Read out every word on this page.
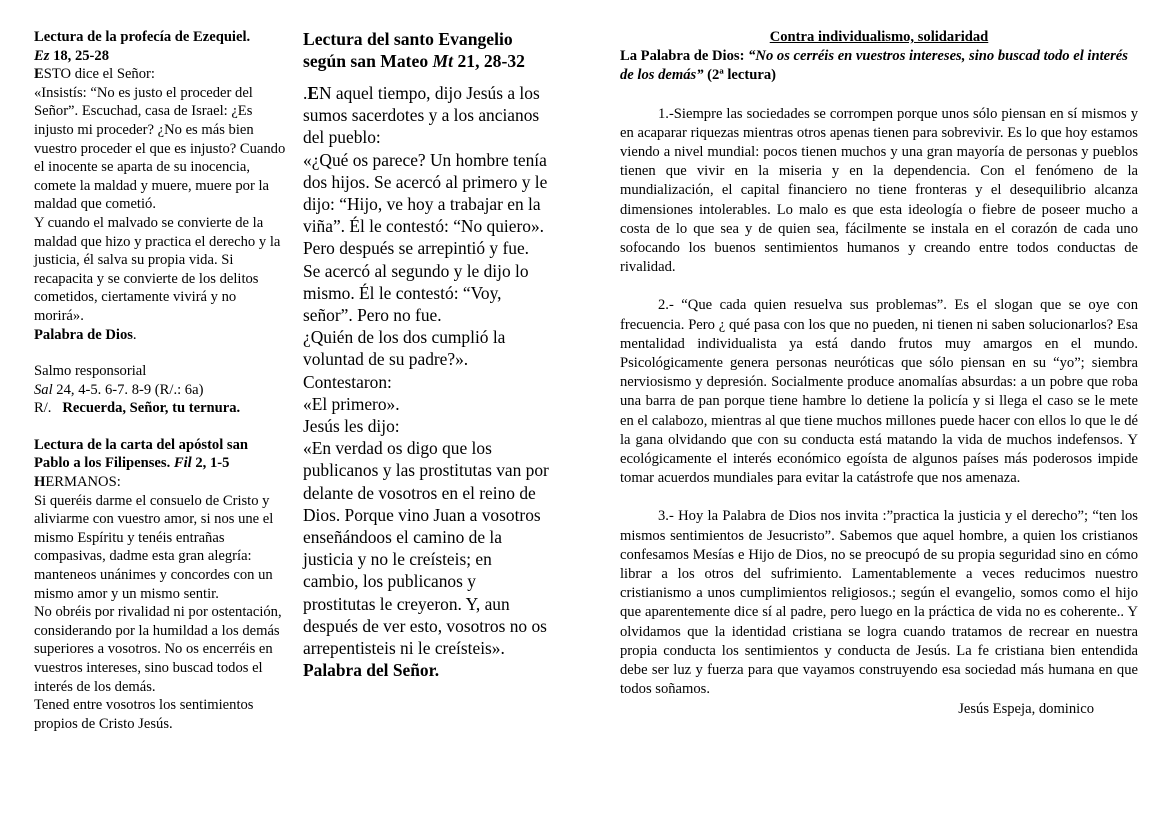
Lectura de la profecía de Ezequiel.
Ez 18, 25-28

ESTO dice el Señor:

«Insistís: “No es justo el proceder del Señor”. Escuchad, casa de Israel: ¿Es injusto mi proceder? ¿No es más bien vuestro proceder el que es injusto? Cuando el inocente se aparta de su inocencia, comete la maldad y muere, muere por la maldad que cometió.

Y cuando el malvado se convierte de la maldad que hizo y practica el derecho y la justicia, él salva su propia vida. Si recapacita y se convierte de los delitos cometidos, ciertamente vivirá y no morirá».

Palabra de Dios.

Salmo responsorial

Sal 24, 4-5. 6-7. 8-9 (R/.: 6a)

R/. Recuerda, Señor, tu ternura.

Lectura de la carta del apóstol san Pablo a los Filipenses. Fil 2, 1-5

HERMANOS:

Si queréis darme el consuelo de Cristo y aliviarme con vuestro amor, si nos une el mismo Espíritu y tenéis entrañas compasivas, dadme esta gran alegría: manteneos unánimes y concordes con un mismo amor y un mismo sentir.

No obréis por rivalidad ni por ostentación, considerando por la humildad a los demás superiores a vosotros. No os encerréis en vuestros intereses, sino buscad todos el interés de los demás.

Tened entre vosotros los sentimientos propios de Cristo Jesús.

Lectura del santo Evangelio según san Mateo Mt 21, 28-32

.EN aquel tiempo, dijo Jesús a los sumos sacerdotes y a los ancianos del pueblo:

«¿Qué os parece? Un hombre tenía dos hijos. Se acercó al primero y le dijo: “Hijo, ve hoy a trabajar en la viña”. Él le contestó: “No quiero». Pero después se arrepintió y fue.

Se acercó al segundo y le dijo lo mismo. Él le contestó: “Voy, señor”. Pero no fue.

¿Quién de los dos cumplió la voluntad de su padre?».

Contestaron:

«El primero».

Jesús les dijo:

«En verdad os digo que los publicanos y las prostitutas van por delante de vosotros en el reino de Dios. Porque vino Juan a vosotros enseñándoos el camino de la justicia y no le creísteis; en cambio, los publicanos y prostitutas le creyeron. Y, aun después de ver esto, vosotros no os arrepentisteis ni le creísteis».

Palabra del Señor.

Contra individualismo, solidaridad

La Palabra de Dios: “No os cerréis en vuestros intereses, sino buscad todo el interés de los demás” (2ª lectura)

1.-Siempre las sociedades se corrompen porque unos sólo piensan en sí mismos y en acaparar riquezas mientras otros apenas tienen para sobrevivir. Es lo que hoy estamos viendo a nivel mundial: pocos tienen muchos y una gran mayoría de personas y pueblos tienen que vivir en la miseria y en la dependencia. Con el fenómeno de la mundialización, el capital financiero no tiene fronteras y el desequilibrio alcanza dimensiones intolerables. Lo malo es que esta ideología o fiebre de poseer mucho a costa de lo que sea y de quien sea, fácilmente se instala en el corazón de cada uno sofocando los buenos sentimientos humanos y creando entre todos conductas de rivalidad.

2.- “Que cada quien resuelva sus problemas”. Es el slogan que se oye con frecuencia. Pero ¿ qué pasa con los que no pueden, ni tienen ni saben solucionarlos? Esa mentalidad individualista ya está dando frutos muy amargos en el mundo. Psicológicamente genera personas neuróticas que sólo piensan en su “yo”; siembra nerviosismo y depresión. Socialmente produce anomalías absurdas: a un pobre que roba una barra de pan porque tiene hambre lo detiene la policía y si llega el caso se le mete en el calabozo, mientras al que tiene muchos millones puede hacer con ellos lo que le dé la gana olvidando que con su conducta está matando la vida de muchos indefensos. Y ecológicamente el interés económico egoísta de algunos países más poderosos impide tomar acuerdos mundiales para evitar la catástrofe que nos amenaza.

3.- Hoy la Palabra de Dios nos invita :”practica la justicia y el derecho”; “ten los mismos sentimientos de Jesucristo”. Sabemos que aquel hombre, a quien los cristianos confesamos Mesías e Hijo de Dios, no se preocupó de su propia seguridad sino en cómo librar a los otros del sufrimiento. Lamentablemente a veces reducimos nuestro cristianismo a unos cumplimientos religiosos.; según el evangelio, somos como el hijo que aparentemente dice sí al padre, pero luego en la práctica de vida no es coherente.. Y olvidamos que la identidad cristiana se logra cuando tratamos de recrear en nuestra propia conducta los sentimientos y conducta de Jesús. La fe cristiana bien entendida debe ser luz y fuerza para que vayamos construyendo esa sociedad más humana en que todos soñamos.

Jesús Espeja, dominico
